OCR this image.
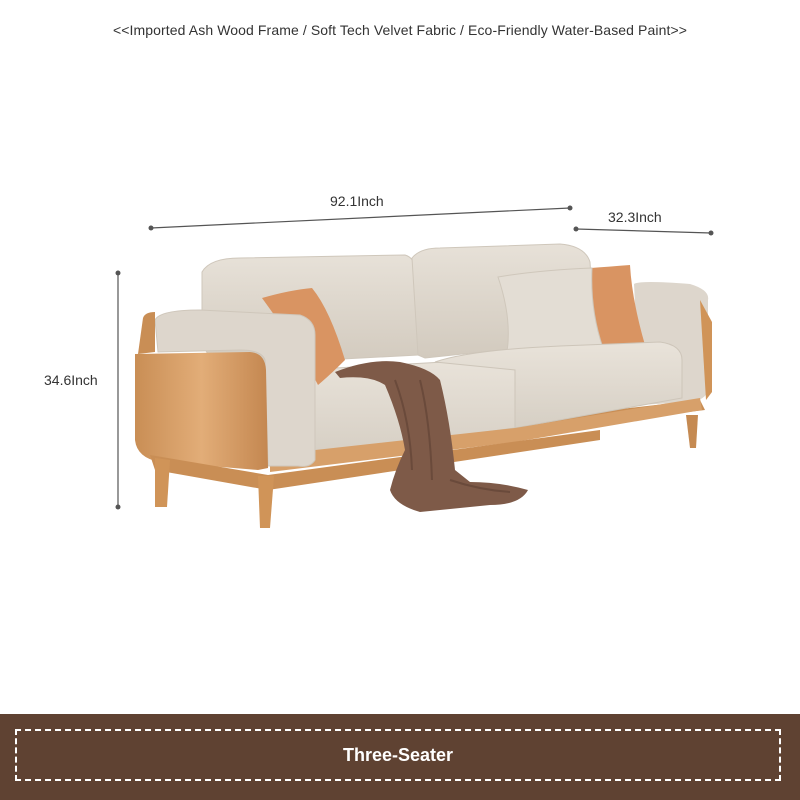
<<Imported Ash Wood Frame / Soft Tech Velvet Fabric / Eco-Friendly Water-Based Paint>>
92.1Inch
32.3Inch
34.6Inch
Three-Seater
